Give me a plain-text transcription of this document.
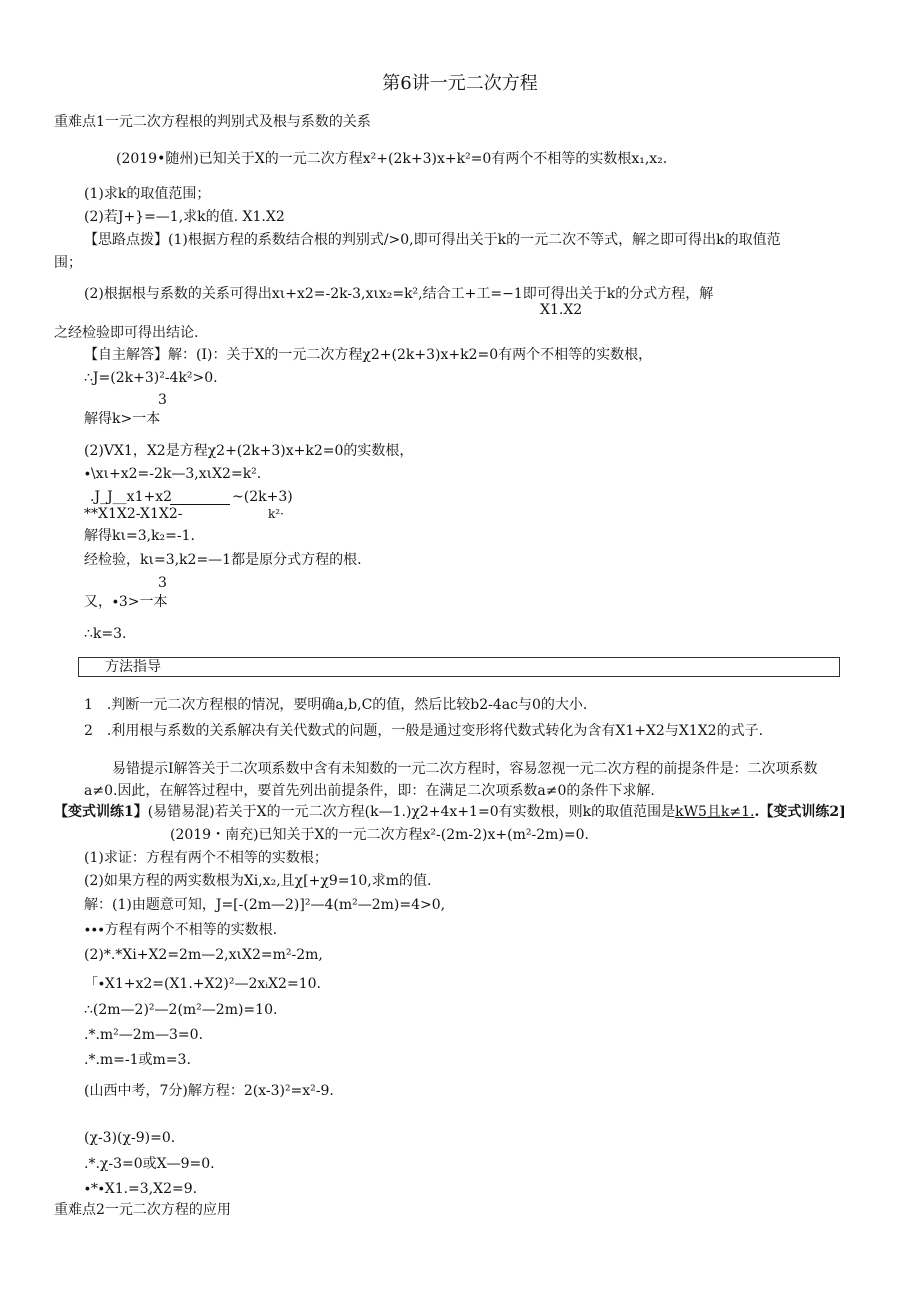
第6讲一元二次方程
重难点1一元二次方程根的判别式及根与系数的关系
(2019•随州)已知关于X的一元二次方程x²+(2k+3)x+k²=0有两个不相等的实数根x₁,x₂.
(1)求k的取值范围；
(2)若J+}=—1,求k的值. X1.X2
【思路点拨】(1)根据方程的系数结合根的判别式/>0,即可得出关于k的一元二次不等式，解之即可得出k的取值范
围；
(2)根据根与系数的关系可得出xι+x2=-2k-3,xιx₂=k²,结合工+工=−1即可得出关于k的分式方程，解
X1.X2
之经检验即可得出结论.
【自主解答】解：(I)：关于X的一元二次方程χ2+(2k+3)x+k2=0有两个不相等的实数根，
∴J=(2k+3)²-4k²>0.
3
解得k>一本
(2)VX1，X2是方程χ2+(2k+3)x+k2=0的实数根，
∙\xι+x2=-2k—3,xιX2=k².
.J_J__x1+x2	~(2k+3)
**X1X2-X1X2-	k²·
解得kι=3,k₂=-1.
经检验，kι=3,k2=—1都是原分式方程的根.
3
又，∙3>一本
∴k=3.
方法指导
1　.判断一元二次方程根的情况，要明确a,b,C的值，然后比较b2-4ac与0的大小.
2　.利用根与系数的关系解决有关代数式的问题，一般是通过变形将代数式转化为含有X1+X2与X1X2的式子.
易错提示I解答关于二次项系数中含有未知数的一元二次方程时，容易忽视一元二次方程的前提条件是：二次项系数
a≠0.因此，在解答过程中，要首先列出前提条件，即：在满足二次项系数a≠0的条件下求解.
【变式训练1】(易错易混)若关于X的一元二次方程(k—1.)χ2+4x+1=0有实数根，则k的取值范围是kW5且k≠1..【变式训练2]
(2019・南充)已知关于X的一元二次方程x²-(2m-2)x+(m²-2m)=0.
(1)求证：方程有两个不相等的实数根；
(2)如果方程的两实数根为Xi,x₂,且χ[+χ9=10,求m的值.
解：(1)由题意可知，J=[-(2m—2)]²—4(m²—2m)=4>0,
∙∙∙方程有两个不相等的实数根.
(2)*.*Xi+X2=2m—2,xιX2=m²-2m,
「∙X1+x2=(X1.+X2)²—2xᵢX2=10.
∴(2m—2)²—2(m²—2m)=10.
.*.m²—2m—3=0.
.*.m=-1或m=3.
(山西中考，7分)解方程：2(x-3)²=x²-9.
(χ-3)(χ-9)=0.
.*.χ-3=0或X—9=0.
∙*∙X1.=3,X2=9.
重难点2一元二次方程的应用
